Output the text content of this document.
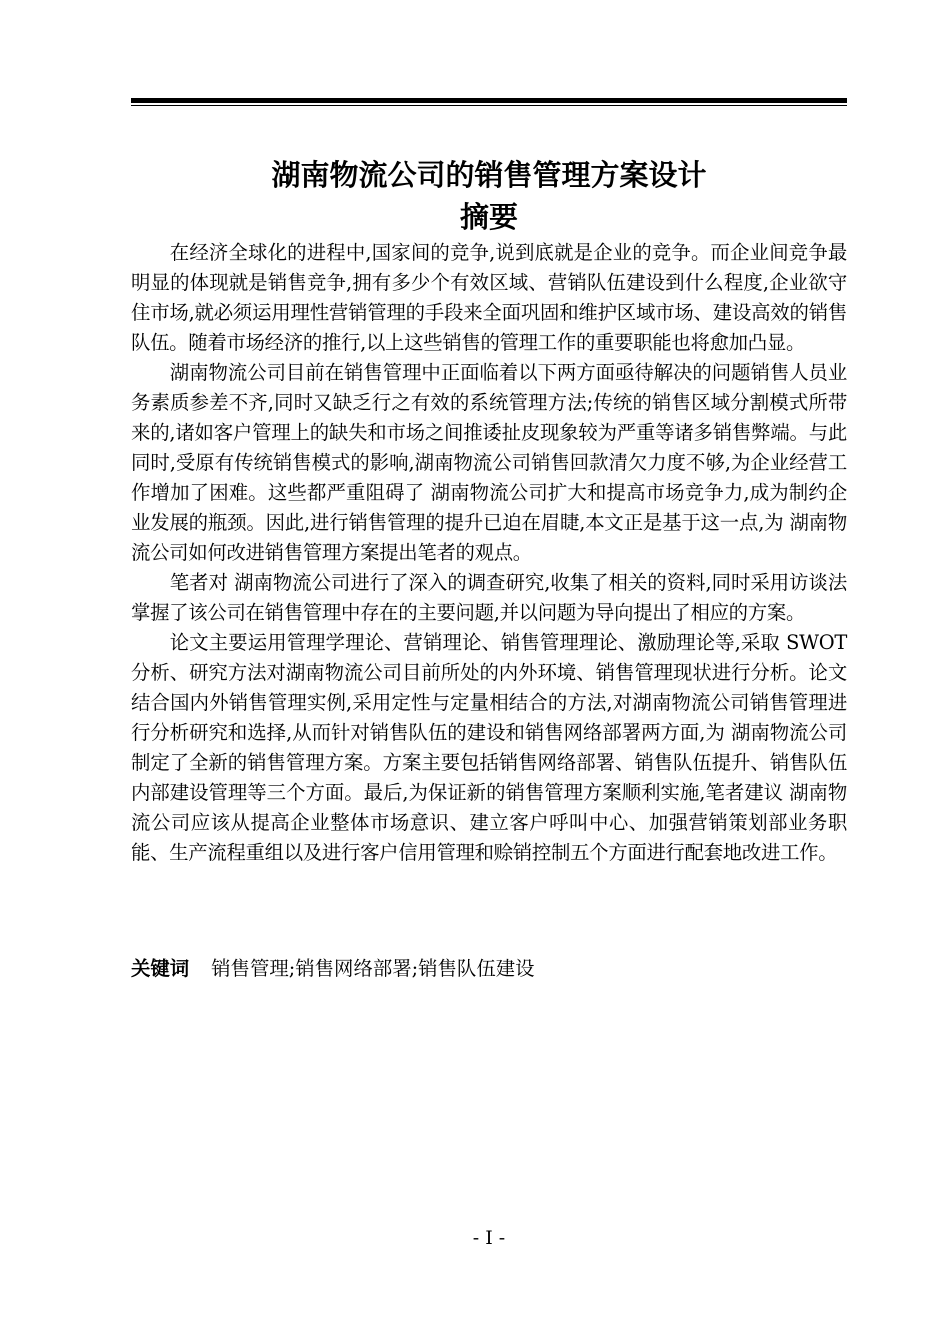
湖南物流公司的销售管理方案设计
摘要

在经济全球化的进程中,国家间的竞争,说到底就是企业的竞争。而企业间竞争最明显的体现就是销售竞争,拥有多少个有效区域、营销队伍建设到什么程度,企业欲守住市场,就必须运用理性营销管理的手段来全面巩固和维护区域市场、建设高效的销售队伍。随着市场经济的推行,以上这些销售的管理工作的重要职能也将愈加凸显。

湖南物流公司目前在销售管理中正面临着以下两方面亟待解决的问题销售人员业务素质参差不齐,同时又缺乏行之有效的系统管理方法;传统的销售区域分割模式所带来的,诸如客户管理上的缺失和市场之间推诿扯皮现象较为严重等诸多销售弊端。与此同时,受原有传统销售模式的影响,湖南物流公司销售回款清欠力度不够,为企业经营工作增加了困难。这些都严重阻碍了 湖南物流公司扩大和提高市场竞争力,成为制约企业发展的瓶颈。因此,进行销售管理的提升已迫在眉睫,本文正是基于这一点,为 湖南物流公司如何改进销售管理方案提出笔者的观点。

笔者对 湖南物流公司进行了深入的调查研究,收集了相关的资料,同时采用访谈法掌握了该公司在销售管理中存在的主要问题,并以问题为导向提出了相应的方案。

论文主要运用管理学理论、营销理论、销售管理理论、激励理论等,采取 SWOT 分析、研究方法对湖南物流公司目前所处的内外环境、销售管理现状进行分析。论文结合国内外销售管理实例,采用定性与定量相结合的方法,对湖南物流公司销售管理进行分析研究和选择,从而针对销售队伍的建设和销售网络部署两方面,为 湖南物流公司制定了全新的销售管理方案。方案主要包括销售网络部署、销售队伍提升、销售队伍内部建设管理等三个方面。最后,为保证新的销售管理方案顺利实施,笔者建议 湖南物流公司应该从提高企业整体市场意识、建立客户呼叫中心、加强营销策划部业务职能、生产流程重组以及进行客户信用管理和赊销控制五个方面进行配套地改进工作。

关键词 销售管理;销售网络部署;销售队伍建设

- I -
